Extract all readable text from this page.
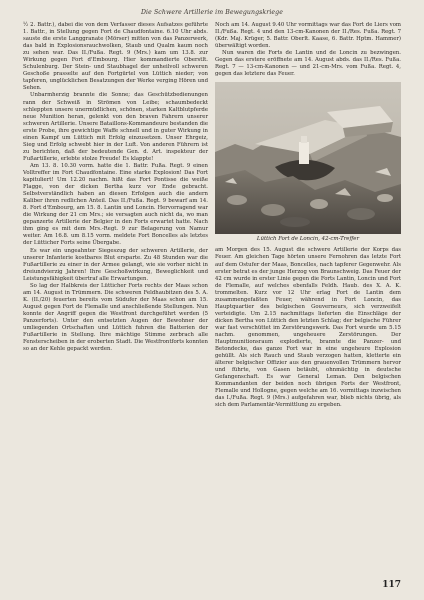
Die Schwere Artillerie im Bewegungskriege

½ 2. Battr.), dabei die von dem Verfasser dieses Aufsatzes geführte 1. Battr., in Stellung gegen Fort de Chaudfontaine. 6.10 Uhr abds. sauste die erste Langgranate (Mörser) mitten von das Panzerwerk, das bald in Explosionsrauchwolken, Staub und Qualm kaum noch zu sehen war. Das II./Fußa. Regt. 9 (Mrs.) kam um 13.8. zur Wirkung gegen Fort d'Embourg. Hier kommandierte Oberstlt. Schulenburg. Der Stein- und Staubhagel der unheilvoll schweren Geschoße prasselte auf den Fortgürtel von Lüttich nieder; von tapferen, unglücklichen Besatzungen der Werke verging Hören und Sehen.

Unbarmherzig brannte die Sonne; das Geschützbedienungen rann der Schweiß in Strömen von Leibe; schaumbedeckt schleppten unsere unermüdlichen, schönen, starken Kaltblutpferde neue Munition heran, gelenkt von den braven Fahrern unserer schweren Artillerie. Unsere Bataillons-Kommandeure bestanden die erste Probe, ihre gewichtige Waffe schnell und in guter Wirkung in einen Kampf um Lüttich mit Erfolg einzusetzen. Unser Ehrgeiz, Sieg und Erfolg schwebt hier in der Luft. Von anderen Führern ist zu berichten, daß der bedeutende Gen. d. Art. inspekteur der Fußartillerie, erlebte stolze Freude! Es klappte!

Am 13. 8. 10.30 vorm. hatte die 1. Battr. Fußa. Regt. 9 einen Volltreffer im Fort Chaudfontaine. Eine starke Explosion! Das Fort kapituliert! Um 12.20 nachm. hißt das Fort Pontisse die weiße Flagge, von der dicken Bertha kurz vor Ende gebracht. Selbstverständlich haben an diesen Erfolgen auch die andern Kaliber ihren redlichen Anteil. Das II./Fußa. Regt. 9 bewarf am 14. 8. Fort d'Embourg, am 15. 8. Lantin und Loncin. Hervorragend war die Wirkung der 21 cm Mrs.; sie versagten auch nicht da, wo man gepanzerte Artillerie der Belgier in den Forts erwartet hatte. Nach ihm ging es mit dem Mrs.-Regt. 9 zur Belagerung von Namur weiter. Am 16.8. um 8.15 vorm. meldete Fort Boncelles als letztes der Lütticher Forts seine Übergabe.

Es war ein ungeahnter Siegeszug der schweren Artillerie, der unserer Infanterie kostbares Blut ersparte. Zu 48 Stunden war die Fußartillerie zu einer in der Armee gelangt, wie sie vorher nicht in dreiundvierzig Jahren! Ihre Geschoßwirkung, Beweglichkeit und Leistungsfähigkeit übertraf alle Erwartungen.

So lag der Halbkreis der Lütticher Forts rechts der Maas schon am 14. August in Trümmern. Die schweren Feldhaubitzen des 5. A. K. (II./20) feuerten bereits vom Südufer der Maas schon am 15. August gegen Fort de Flemalle und anschließende Stellungen. Nun konnte der Angriff gegen die Westfront durchgeführt werden (5 Panzerforts). Unter den entsetzten Augen der Bewohner der umliegenden Ortschaften und Lüttich fuhren die Batterien der Fußartillerie in Stellung. Ihre mächtige Stimme zerbrach alle Fensterscheiben in der eroberten Stadt. Die Westfrontforts konnten so an der Kehle gepackt werden.

Noch am 14. August 9.40 Uhr vormittags war das Fort de Liers vom II./Fußa. Regt. 4 und den 13-cm-Kanonen der II./Res. Fußa. Regt. 7 (Kdr. Maj. Krüger, 5. Battr. Oberlt. Kaase, 6. Battr. Hptm. Hammer) überwältigt worden.

Nun waren die Forts de Lantin und de Loncin zu bezwingen. Gegen das erstere eröffnete am 14. August abds. das II./Res. Fußa. Regt. 7 — 13-cm-Kanonen — und 21-cm-Mrs. vom Fußa. Regt. 4, gegen das letztere das Feuer.

Lüttich Fort de Loncin, 42-cm-Treffer

am Morgen des 15. August die schwere Artillerie der Korps das Feuer. Am gleichen Tage hörten unsere Fernohren das letzte Fort auf dem Ostufer der Maas, Boncelles, nach tapferer Gegenwehr. Als erster betrat es der junge Herzog von Braunschweig. Das Feuer der 42 cm wurde in erster Linie gegen die Forts Lantin, Loncin und Fort de Flemalle, auf welches ebenfalls Feldh. Haub. des X. A. K. trommelten. Kurz vor 12 Uhr erlag Fort de Lantin dem zusammengefaßten Feuer, während in Fort Loncin, das Hauptquartier des belgischen Gouverneurs, sich verzweifelt verteidigte. Um 2.15 nachmittags lieferten die Einschläge der dicken Bertha von Lüttich den letzten Schlag; der belgische Führer war fast verschüttet im Zerstörungswerk. Das Fort wurde um 5.15 nachm. genommen, ungeheuere Zerstörungen. Der Hauptmunitionsraum explodierte, brannte die Panzer- und Betondecke, das ganze Fort war in eine ungeheure Explosion gehüllt. Als sich Rauch und Staub verzogen hatten, kletterte ein älterer belgischer Offizier aus den grauenvollen Trümmern hervor und führte, von Gasen betäubt, ohnmächtig in deutsche Gefangenschaft. Es war General Leman. Den belgischen Kommandanten der beiden noch übrigen Forts der Westfront, Flemalle und Hollogne, gegen welche am 16. vormittags inzwischen das I./Fußa. Regt. 9 (Mrs.) aufgefahren war, blieb nichts übrig, als sich dem Parlamentär-Vermittlung zu ergeben.

117
